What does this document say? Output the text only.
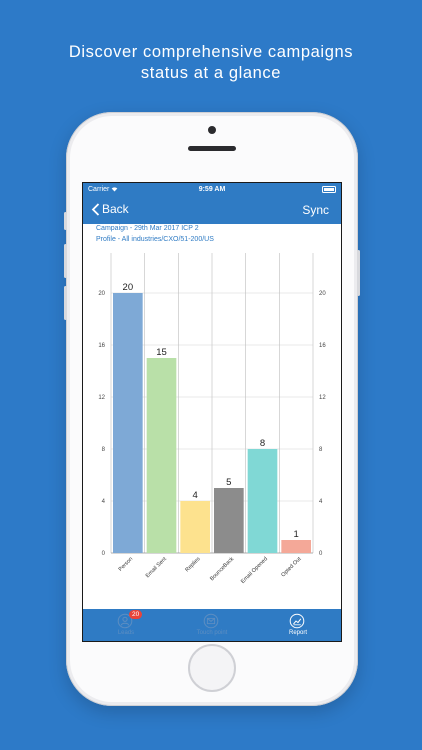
Discover comprehensive campaigns
status at a glance
Carrier	9:59 AM
Back	Sync
Campaign - 29th Mar 2017 ICP 2
Profile - All industries/CXO/51-200/US
0	0
4	4
8	8
12	12
16	16
20	20
20
Person
15
Email Sent
4
Replies
5
BounceBack
8
Email Opened
1
Opted Out
20
Leads	Touch point	Report
